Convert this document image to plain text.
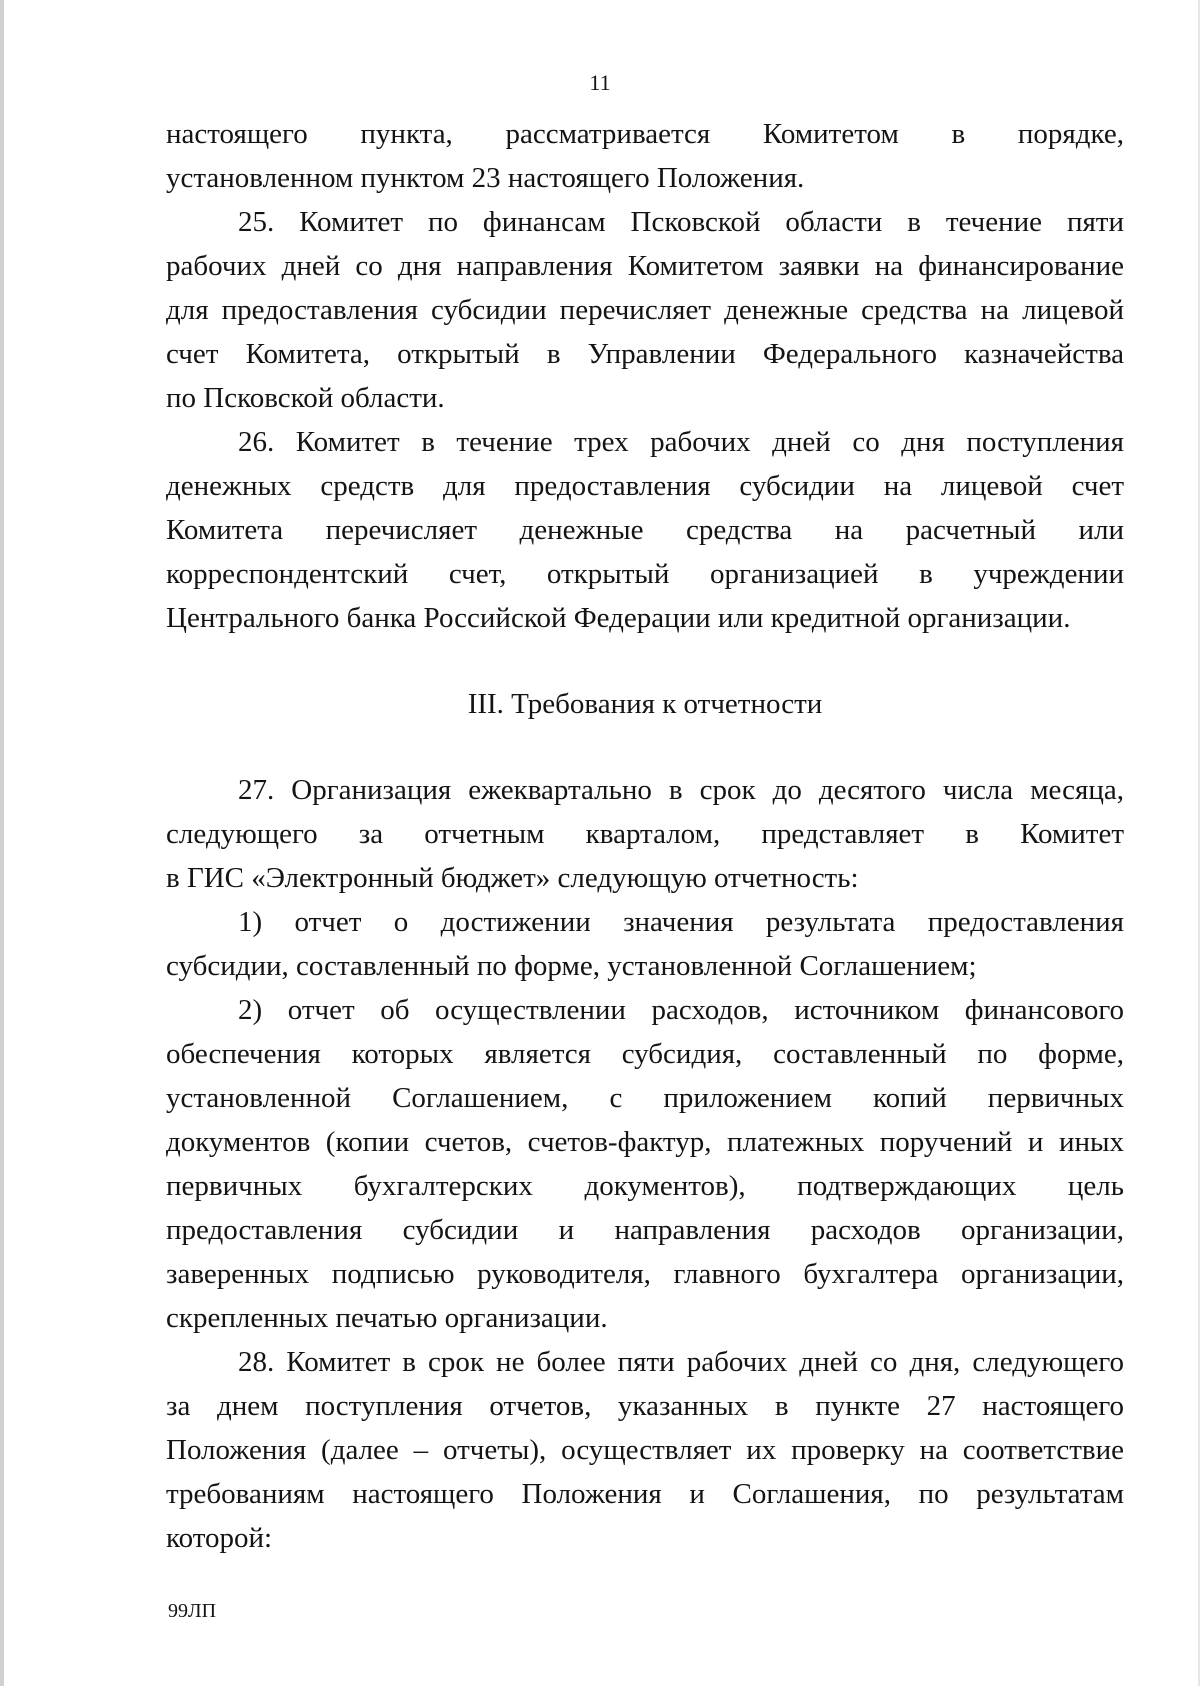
11
настоящего пункта, рассматривается Комитетом в порядке,
установленном пунктом 23 настоящего Положения.
25. Комитет по финансам Псковской области в течение пяти
рабочих дней со дня направления Комитетом заявки на финансирование
для предоставления субсидии перечисляет денежные средства на лицевой
счет Комитета, открытый в Управлении Федерального казначейства
по Псковской области.
26. Комитет в течение трех рабочих дней со дня поступления
денежных средств для предоставления субсидии на лицевой счет
Комитета перечисляет денежные средства на расчетный или
корреспондентский счет, открытый организацией в учреждении
Центрального банка Российской Федерации или кредитной организации.
III. Требования к отчетности
27. Организация ежеквартально в срок до десятого числа месяца,
следующего за отчетным кварталом, представляет в Комитет
в ГИС «Электронный бюджет» следующую отчетность:
1) отчет о достижении значения результата предоставления
субсидии, составленный по форме, установленной Соглашением;
2) отчет об осуществлении расходов, источником финансового
обеспечения которых является субсидия, составленный по форме,
установленной Соглашением, с приложением копий первичных
документов (копии счетов, счетов-фактур, платежных поручений и иных
первичных бухгалтерских документов), подтверждающих цель
предоставления субсидии и направления расходов организации,
заверенных подписью руководителя, главного бухгалтера организации,
скрепленных печатью организации.
28. Комитет в срок не более пяти рабочих дней со дня, следующего
за днем поступления отчетов, указанных в пункте 27 настоящего
Положения (далее – отчеты), осуществляет их проверку на соответствие
требованиям настоящего Положения и Соглашения, по результатам
которой:
99ЛП
